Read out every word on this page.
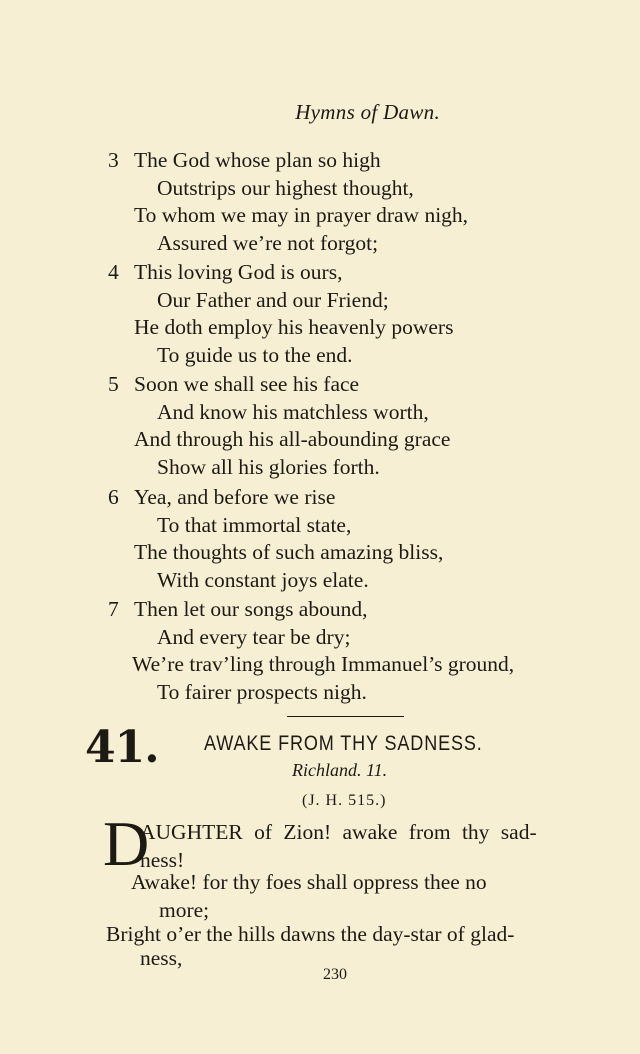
Hymns of Dawn.
3 The God whose plan so high
Outstrips our highest thought,
To whom we may in prayer draw nigh,
Assured we’re not forgot;
4 This loving God is ours,
Our Father and our Friend;
He doth employ his heavenly powers
To guide us to the end.
5 Soon we shall see his face
And know his matchless worth,
And through his all-abounding grace
Show all his glories forth.
6 Yea, and before we rise
To that immortal state,
The thoughts of such amazing bliss,
With constant joys elate.
7 Then let our songs abound,
And every tear be dry;
We’re trav’ling through Immanuel’s ground,
To fairer prospects nigh.
41. AWAKE FROM THY SADNESS.
Richland. 11.
(J. H. 515.)
D
AUGHTER of Zion! awake from thy sad-
ness!
Awake! for thy foes shall oppress thee no
more;
Bright o’er the hills dawns the day-star of glad-
ness,
230
